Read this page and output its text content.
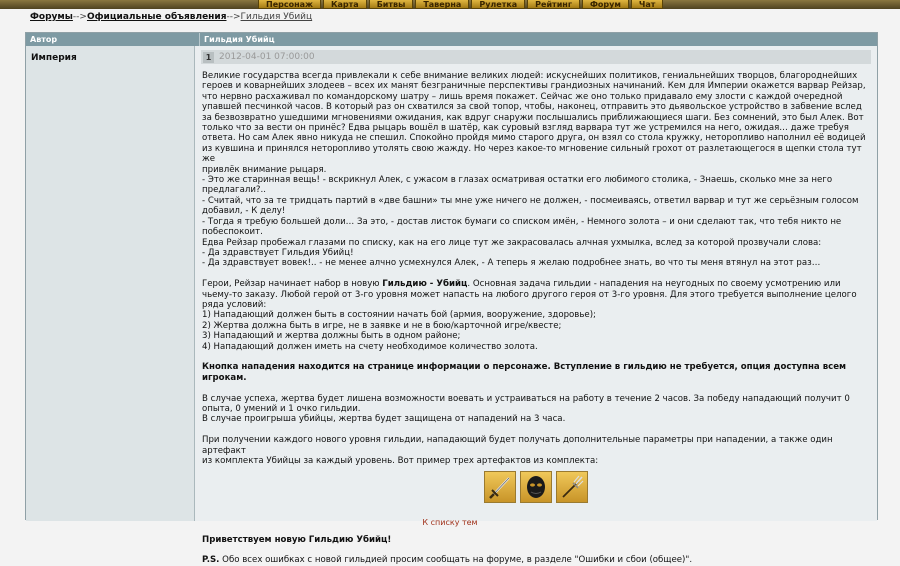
Персонаж	Карта	Битвы	Таверна	Рулетка	Рейтинг	Форум	Чат
Форумы-->Официальные объявления-->Гильдия Убийц
Автор	Гильдия Убийц
Империя	1 2012-04-01 07:00:00

Великие государства всегда привлекали к себе внимание великих людей: искуснейших политиков, гениальнейших творцов, благороднейших

героев и коварнейших злодеев – всех их манят безграничные перспективы грандиозных начинаний. Кем для Империи окажется варвар Рейзар,

что нервно расхаживал по командорскому шатру – лишь время покажет. Сейчас же оно только придавало ему злости с каждой очередной

упавшей песчинкой часов. В который раз он схватился за свой топор, чтобы, наконец, отправить это дьявольское устройство в забвение вслед

за безвозвратно ушедшими мгновениями ожидания, как вдруг снаружи послышались приближающиеся шаги. Без сомнений, это был Алек. Вот

только что за вести он принёс? Едва рыцарь вошёл в шатёр, как суровый взгляд варвара тут же устремился на него, ожидая… даже требуя

ответа. Но сам Алек явно никуда не спешил. Спокойно пройдя мимо старого друга, он взял со стола кружку, неторопливо наполнил её водицей

из кувшина и принялся неторопливо утолять свою жажду. Но через какое-то мгновение сильный грохот от разлетающегося в щепки стола тут же

привлёк внимание рыцаря.

- Это же старинная вещь! - вскрикнул Алек, с ужасом в глазах осматривая остатки его любимого столика, - Знаешь, сколько мне за него

предлагали?..

- Считай, что за те тридцать партий в «две башни» ты мне уже ничего не должен, - посмеиваясь, ответил варвар и тут же серьёзным голосом

добавил, - К делу!

- Тогда я требую большей доли… За это, - достав листок бумаги со списком имён, - Немного золота – и они сделают так, что тебя никто не

побеспокоит.

Едва Рейзар пробежал глазами по списку, как на его лице тут же закрасовалась алчная ухмылка, вслед за которой прозвучали слова:

- Да здравствует Гильдия Убийц!

- Да здравствует вовек!.. - не менее алчно усмехнулся Алек, - А теперь я желаю подробнее знать, во что ты меня втянул на этот раз…

Герои, Рейзар начинает набор в новую Гильдию - Убийц. Основная задача гильдии - нападения на неугодных по своему усмотрению или

чьему-то заказу. Любой герой от 3-го уровня может напасть на любого другого героя от 3-го уровня. Для этого требуется выполнение целого

ряда условий:

1) Нападающий должен быть в состоянии начать бой (армия, вооружение, здоровье);

2) Жертва должна быть в игре, не в заявке и не в бою/карточной игре/квесте;

3) Нападающий и жертва должны быть в одном районе;

4) Нападающий должен иметь на счету необходимое количество золота.

Кнопка нападения находится на странице информации о персонаже. Вступление в гильдию не требуется, опция доступна всем игрокам.

В случае успеха, жертва будет лишена возможности воевать и устраиваться на работу в течение 2 часов. За победу нападающий получит 0

опыта, 0 умений и 1 очко гильдии.

В случае проигрыша убийцы, жертва будет защищена от нападений на 3 часа.

При получении каждого нового уровня гильдии, нападающий будет получать дополнительные параметры при нападении, а также один артефакт

из комплекта Убийцы за каждый уровень. Вот пример трех артефактов из комплекта:

Приветствуем новую Гильдию Убийц!

P.S. Обо всех ошибках с новой гильдией просим сообщать на форуме, в разделе "Ошибки и сбои (общее)".

К списку тем
